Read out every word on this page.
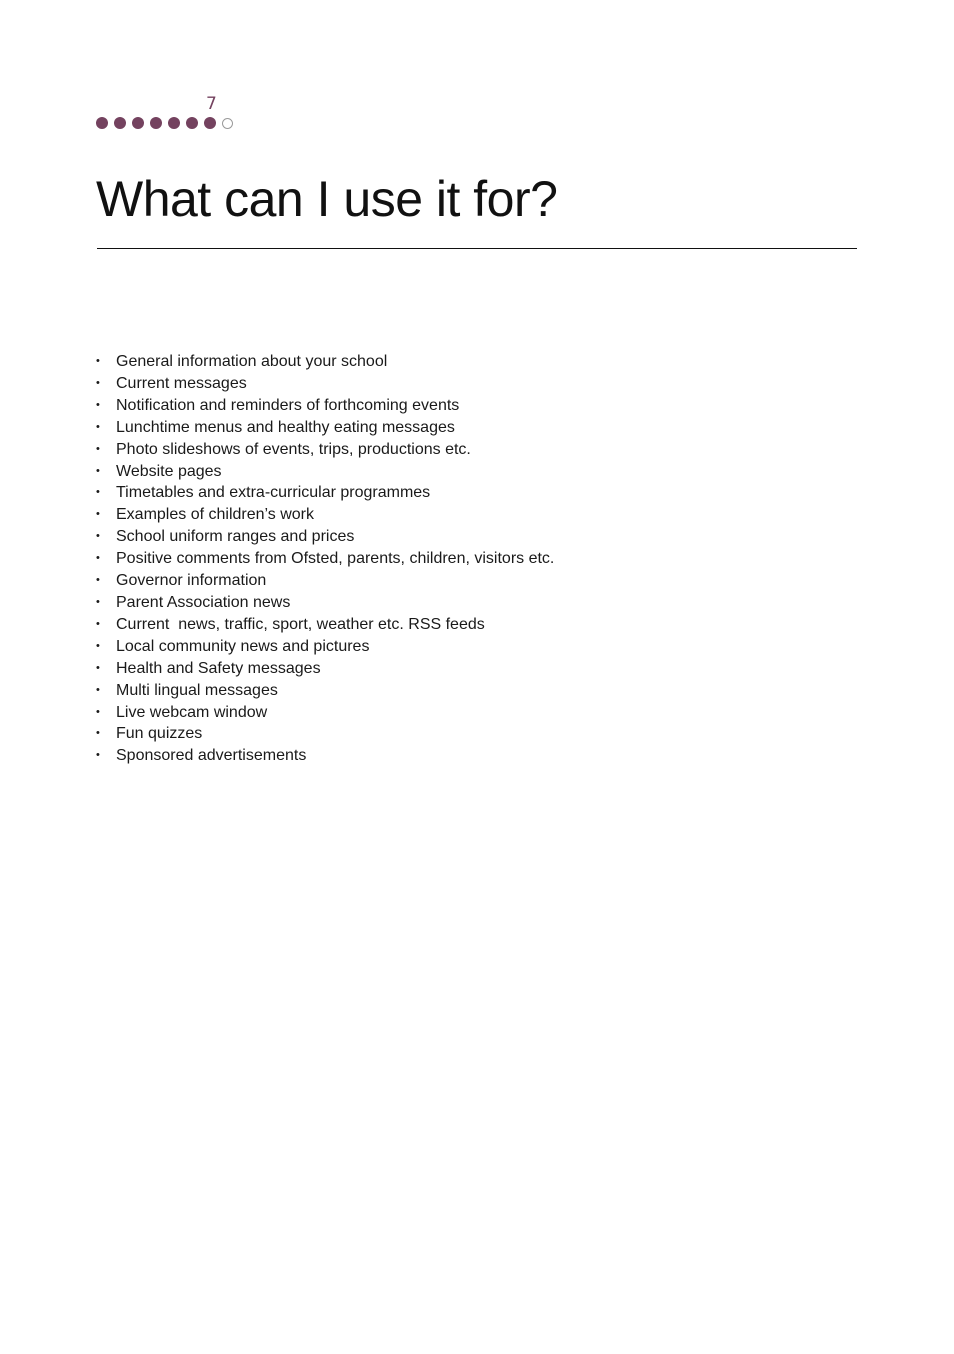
7
What can I use it for?
• General information about your school
• Current messages
• Notification and reminders of forthcoming events
• Lunchtime menus and healthy eating messages
• Photo slideshows of events, trips, productions etc.
• Website pages
• Timetables and extra-curricular programmes
• Examples of children’s work
• School uniform ranges and prices
• Positive comments from Ofsted, parents, children, visitors etc.
• Governor information
• Parent Association news
• Current  news, traffic, sport, weather etc. RSS feeds
• Local community news and pictures
• Health and Safety messages
• Multi lingual messages
• Live webcam window
• Fun quizzes
• Sponsored advertisements
